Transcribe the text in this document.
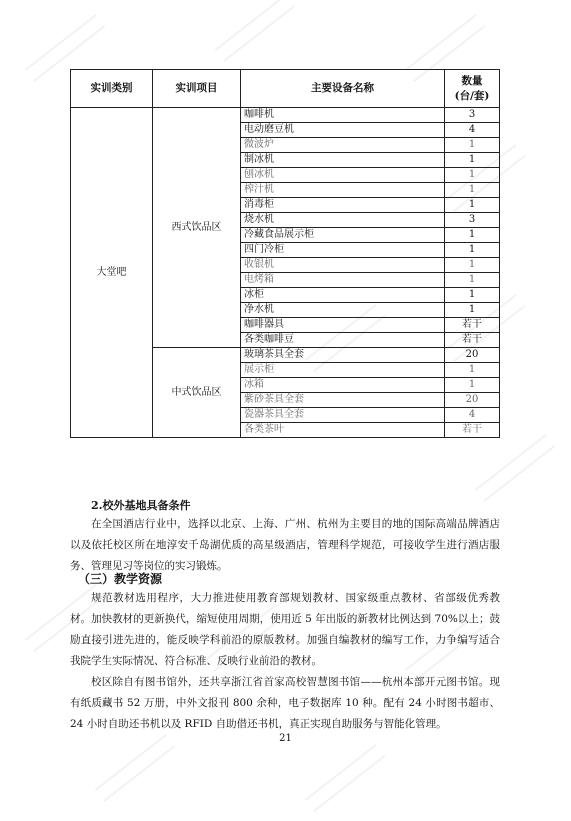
实训类别	实训项目	主要设备名称	数量
(台/套)
大堂吧	西式饮品区	咖啡机	3
		电动磨豆机	4
		微波炉	1
		制冰机	1
		刨冰机	1
		榨汁机	1
		消毒柜	1
		烧水机	3
		冷藏食品展示柜	1
		四门冷柜	1
		收银机	1
		电烤箱	1
		冰柜	1
		净水机	1
		咖啡器具	若干
		各类咖啡豆	若干
	中式饮品区	玻璃茶具全套	20
		展示柜	1
		冰箱	1
		紫砂茶具全套	20
		瓷器茶具全套	4
		各类茶叶	若干
2.校外基地具备条件

在全国酒店行业中，选择以北京、上海、广州、杭州为主要目的地的国际高端品牌酒店以及依托校区所在地淳安千岛湖优质的高星级酒店，管理科学规范，可接收学生进行酒店服务、管理见习等岗位的实习锻炼。

（三）教学资源

规范教材选用程序，大力推进使用教育部规划教材、国家级重点教材、省部级优秀教材。加快教材的更新换代，缩短使用周期，使用近 5 年出版的新教材比例达到 70%以上；鼓励直接引进先进的，能反映学科前沿的原版教材。加强自编教材的编写工作，力争编写适合我院学生实际情况、符合标准、反映行业前沿的教材。

校区除自有图书馆外，还共享浙江省首家高校智慧图书馆——杭州本部开元图书馆。现有纸质藏书 52 万册，中外文报刊 800 余种，电子数据库 10 种。配有 24 小时图书超市、24 小时自助还书机以及 RFID 自助借还书机，真正实现自助服务与智能化管理。

21
